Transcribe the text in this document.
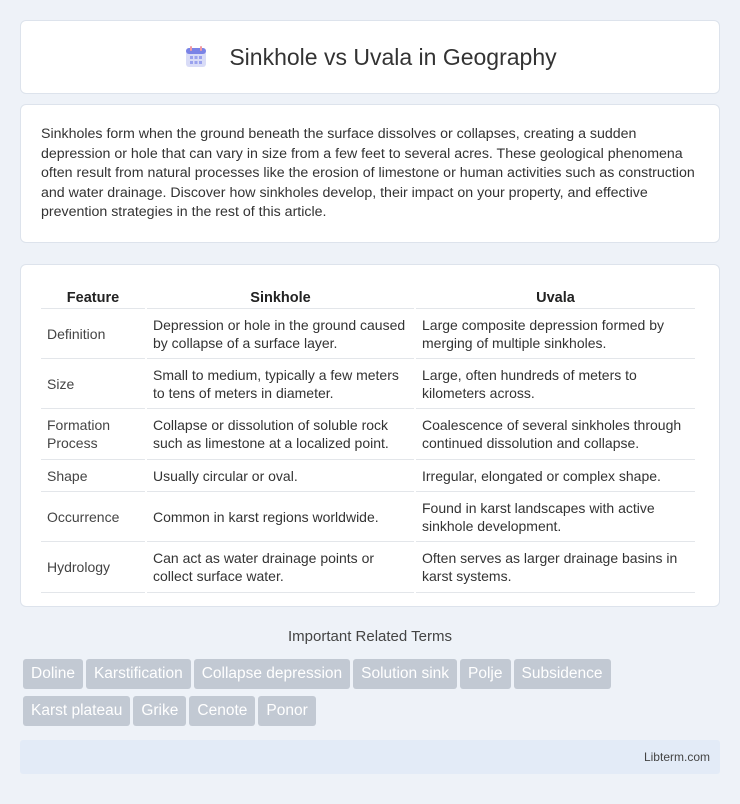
Sinkhole vs Uvala in Geography

Sinkholes form when the ground beneath the surface dissolves or collapses, creating a sudden depression or hole that can vary in size from a few feet to several acres. These geological phenomena often result from natural processes like the erosion of limestone or human activities such as construction and water drainage. Discover how sinkholes develop, their impact on your property, and effective prevention strategies in the rest of this article.

Feature	Sinkhole	Uvala
Definition	Depression or hole in the ground caused by collapse of a surface layer.	Large composite depression formed by merging of multiple sinkholes.
Size	Small to medium, typically a few meters to tens of meters in diameter.	Large, often hundreds of meters to kilometers across.
Formation Process	Collapse or dissolution of soluble rock such as limestone at a localized point.	Coalescence of several sinkholes through continued dissolution and collapse.
Shape	Usually circular or oval.	Irregular, elongated or complex shape.
Occurrence	Common in karst regions worldwide.	Found in karst landscapes with active sinkhole development.
Hydrology	Can act as water drainage points or collect surface water.	Often serves as larger drainage basins in karst systems.
Important Related Terms
Doline Karstification Collapse depression Solution sink Polje Subsidence
Karst plateau Grike Cenote Ponor
Libterm.com
